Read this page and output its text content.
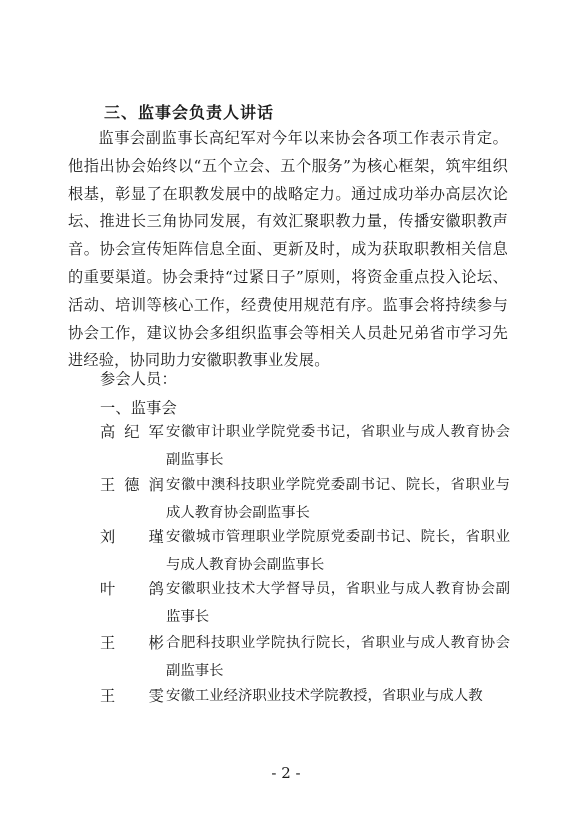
三、监事会负责人讲话

监事会副监事长高纪军对今年以来协会各项工作表示肯定。他指出协会始终以“五个立会、五个服务”为核心框架，筑牢组织根基，彰显了在职教发展中的战略定力。通过成功举办高层次论坛、推进长三角协同发展，有效汇聚职教力量，传播安徽职教声音。协会宣传矩阵信息全面、更新及时，成为获取职教相关信息的重要渠道。协会秉持“过紧日子”原则，将资金重点投入论坛、活动、培训等核心工作，经费使用规范有序。监事会将持续参与协会工作，建议协会多组织监事会等相关人员赴兄弟省市学习先进经验，协同助力安徽职教事业发展。

参会人员：

一、监事会

高纪军 安徽审计职业学院党委书记，省职业与成人教育协会副监事长
王德润 安徽中澳科技职业学院党委副书记、院长，省职业与成人教育协会副监事长
刘瑾 安徽城市管理职业学院原党委副书记、院长，省职业与成人教育协会副监事长
叶鸽 安徽职业技术大学督导员，省职业与成人教育协会副监事长
王彬 合肥科技职业学院执行院长，省职业与成人教育协会副监事长
王雯 安徽工业经济职业技术学院教授，省职业与成人教
- 2 -
